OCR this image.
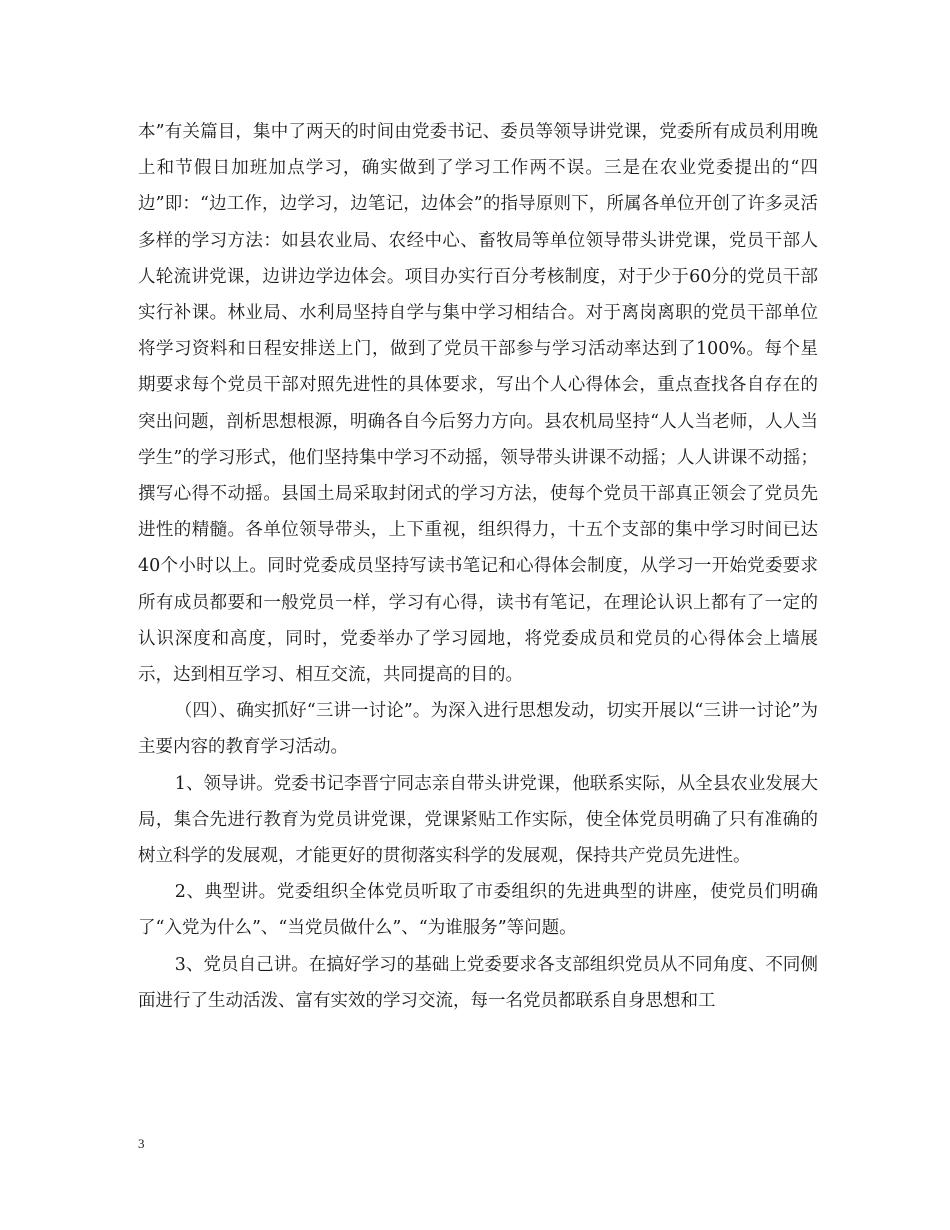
本”有关篇目，集中了两天的时间由党委书记、委员等领导讲党课，党委所有成员利用晚上和节假日加班加点学习，确实做到了学习工作两不误。三是在农业党委提出的“四边”即：“边工作，边学习，边笔记，边体会”的指导原则下，所属各单位开创了许多灵活多样的学习方法：如县农业局、农经中心、畜牧局等单位领导带头讲党课，党员干部人人轮流讲党课，边讲边学边体会。项目办实行百分考核制度，对于少于60分的党员干部实行补课。林业局、水利局坚持自学与集中学习相结合。对于离岗离职的党员干部单位将学习资料和日程安排送上门，做到了党员干部参与学习活动率达到了100%。每个星期要求每个党员干部对照先进性的具体要求，写出个人心得体会，重点查找各自存在的突出问题，剖析思想根源，明确各自今后努力方向。县农机局坚持“人人当老师，人人当学生”的学习形式，他们坚持集中学习不动摇，领导带头讲课不动摇；人人讲课不动摇；撰写心得不动摇。县国土局采取封闭式的学习方法，使每个党员干部真正领会了党员先进性的精髓。各单位领导带头，上下重视，组织得力，十五个支部的集中学习时间已达40个小时以上。同时党委成员坚持写读书笔记和心得体会制度，从学习一开始党委要求所有成员都要和一般党员一样，学习有心得，读书有笔记，在理论认识上都有了一定的认识深度和高度，同时，党委举办了学习园地，将党委成员和党员的心得体会上墙展示，达到相互学习、相互交流，共同提高的目的。

（四）、确实抓好“三讲一讨论”。为深入进行思想发动，切实开展以“三讲一讨论”为主要内容的教育学习活动。

1、领导讲。党委书记李晋宁同志亲自带头讲党课，他联系实际，从全县农业发展大局，集合先进行教育为党员讲党课，党课紧贴工作实际，使全体党员明确了只有准确的树立科学的发展观，才能更好的贯彻落实科学的发展观，保持共产党员先进性。

2、典型讲。党委组织全体党员听取了市委组织的先进典型的讲座，使党员们明确了“入党为什么”、“当党员做什么”、“为谁服务”等问题。

3、党员自己讲。在搞好学习的基础上党委要求各支部组织党员从不同角度、不同侧面进行了生动活泼、富有实效的学习交流，每一名党员都联系自身思想和工

3
